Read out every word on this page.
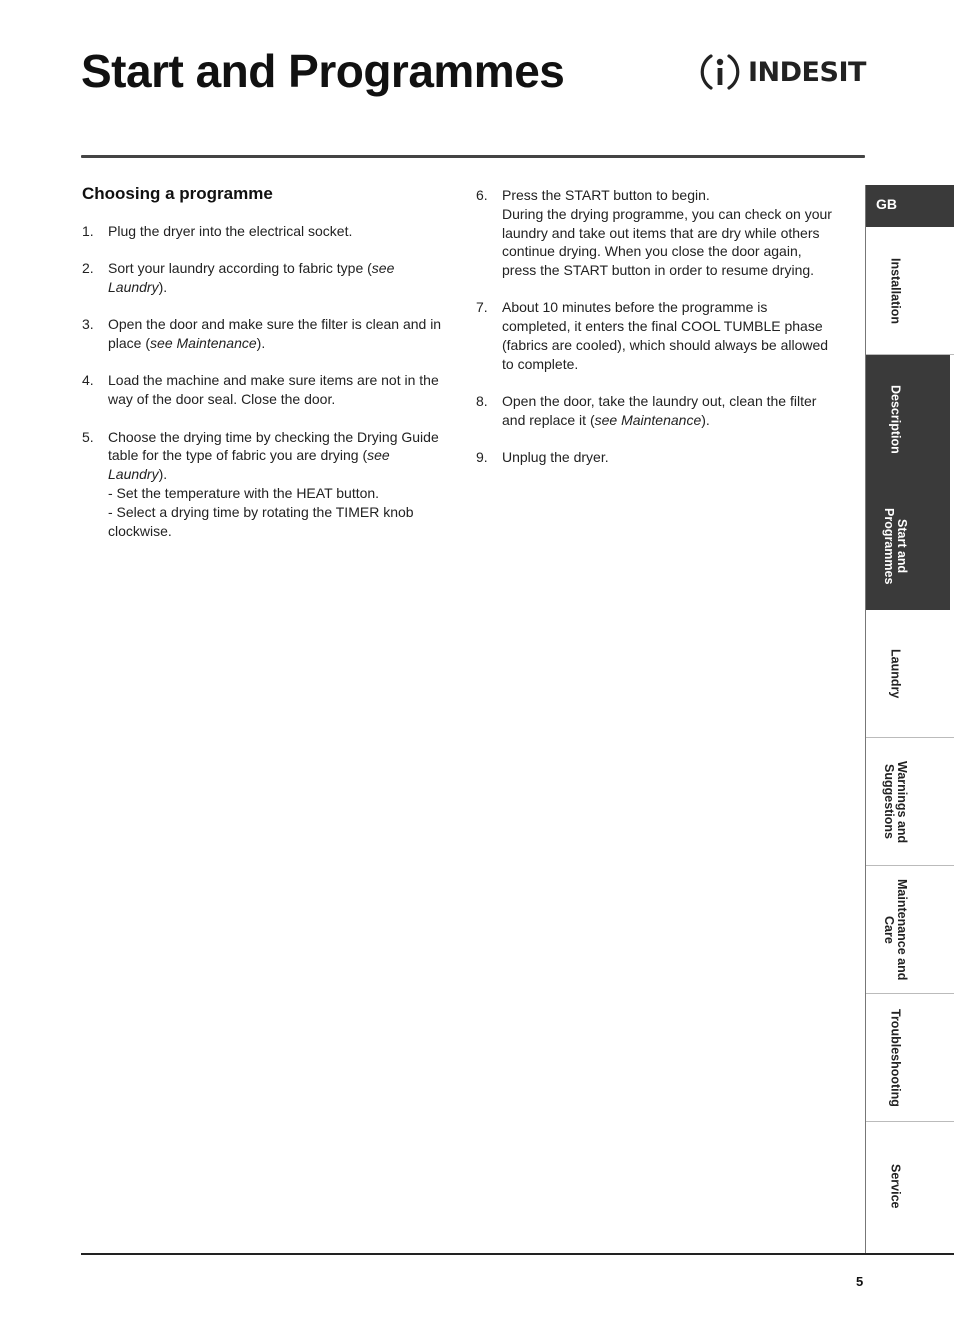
Start and Programmes	INDESIT
Choosing a programme
1. Plug the dryer into the electrical socket.
2. Sort your laundry according to fabric type (see Laundry).
3. Open the door and make sure the filter is clean and in place (see Maintenance).
4. Load the machine and make sure items are not in the way of the door seal. Close the door.
5. Choose the drying time by checking the Drying Guide table for the type of fabric you are drying (see Laundry).
- Set the temperature with the HEAT button.
- Select a drying time by rotating the TIMER knob clockwise.
6. Press the START button to begin.
During the drying programme, you can check on your laundry and take out items that are dry while others continue drying. When you close the door again, press the START button in order to resume drying.
7. About 10 minutes before the programme is completed, it enters the final COOL TUMBLE phase (fabrics are cooled), which should always be allowed to complete.
8. Open the door, take the laundry out, clean the filter and replace it (see Maintenance).
9. Unplug the dryer.
GB
Installation
Description
Start and Programmes
Laundry
Warnings and Suggestions
Maintenance and Care
Troubleshooting
Service
5
